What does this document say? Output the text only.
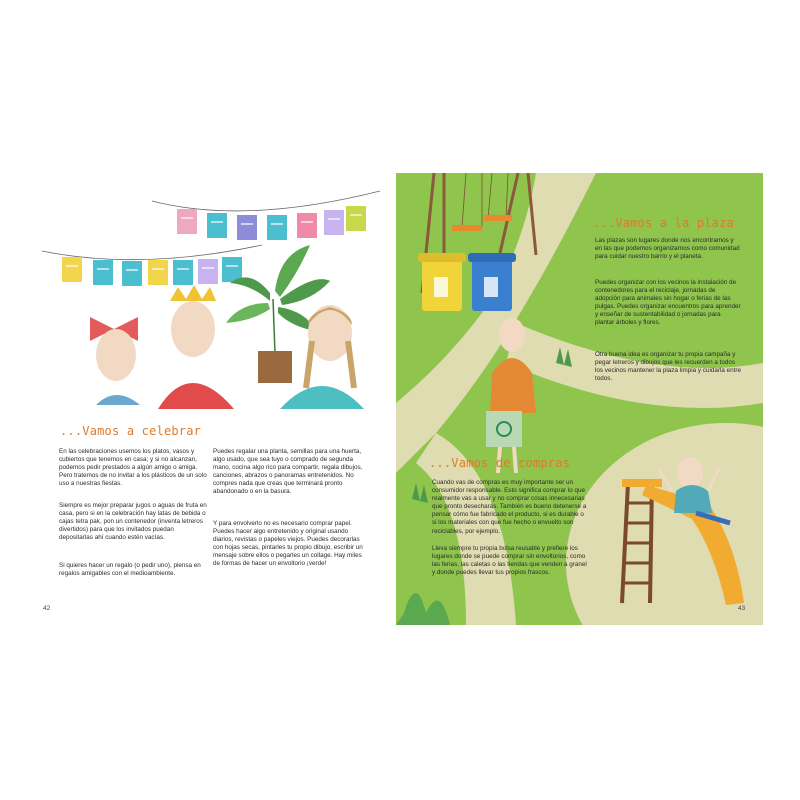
...Vamos a celebrar

En las celebraciones usemos los platos, vasos y cubiertos que tenemos en casa; y si no alcanzan, podemos pedir prestados a algún amigo o amiga. Pero tratemos de no invitar a los plásticos de un solo uso a nuestras fiestas.

Siempre es mejor preparar jugos o aguas de fruta en casa, pero si en la celebración hay latas de bebida o cajas tetra pak, pon un contenedor (inventa letreros divertidos) para que los invitados puedan depositarlas ahí cuando estén vacías.

Si quieres hacer un regalo (o pedir uno), piensa en regalos amigables con el medioambiente.

Puedes regalar una planta, semillas para una huerta, algo usado, que sea tuyo o comprado de segunda mano, cocina algo rico para compartir, regala dibujos, canciones, abrazos o panoramas entretenidos. No compres nada que creas que terminará pronto abandonado o en la basura.

Y para envolverlo no es necesario comprar papel. Puedes hacer algo entretenido y original usando diarios, revistas o papeles viejos. Puedes decorarlas con hojas secas, pintarles tu propio dibujo, escribir un mensaje sobre ellos o pegarles un collage. Hay miles de formas de hacer un envoltorio ¡verde!

42
...Vamos a la plaza

Las plazas son lugares donde nos encontramos y en las que podemos organizarnos como comunidad para cuidar nuestro barrio y el planeta.

Puedes organizar con los vecinos la instalación de contenedores para el reciclaje, jornadas de adopción para animales sin hogar o ferias de las pulgas. Puedes organizar encuentros para aprender y enseñar de sustentabilidad o jornadas para plantar árboles y flores.

Otra buena idea es organizar tu propia campaña y pegar letreros y dibujos que les recuerden a todos los vecinos mantener la plaza limpia y cuidarla entre todos.

...Vamos de compras

Cuando vas de compras es muy importante ser un consumidor responsable. Esto significa comprar lo que realmente vas a usar y no comprar cosas innecesarias que pronto desecharás. También es bueno detenerse a pensar cómo fue fabricado el producto, si es durable o si los materiales con que fue hecho o envuelto son reciclables, por ejemplo.

Lleva siempre tu propia bolsa reusable y prefiere los lugares donde se puede comprar sin envoltorios, como las ferias, las caletas o las tiendas que venden a granel y donde puedes llevar tus propios frascos.

43
